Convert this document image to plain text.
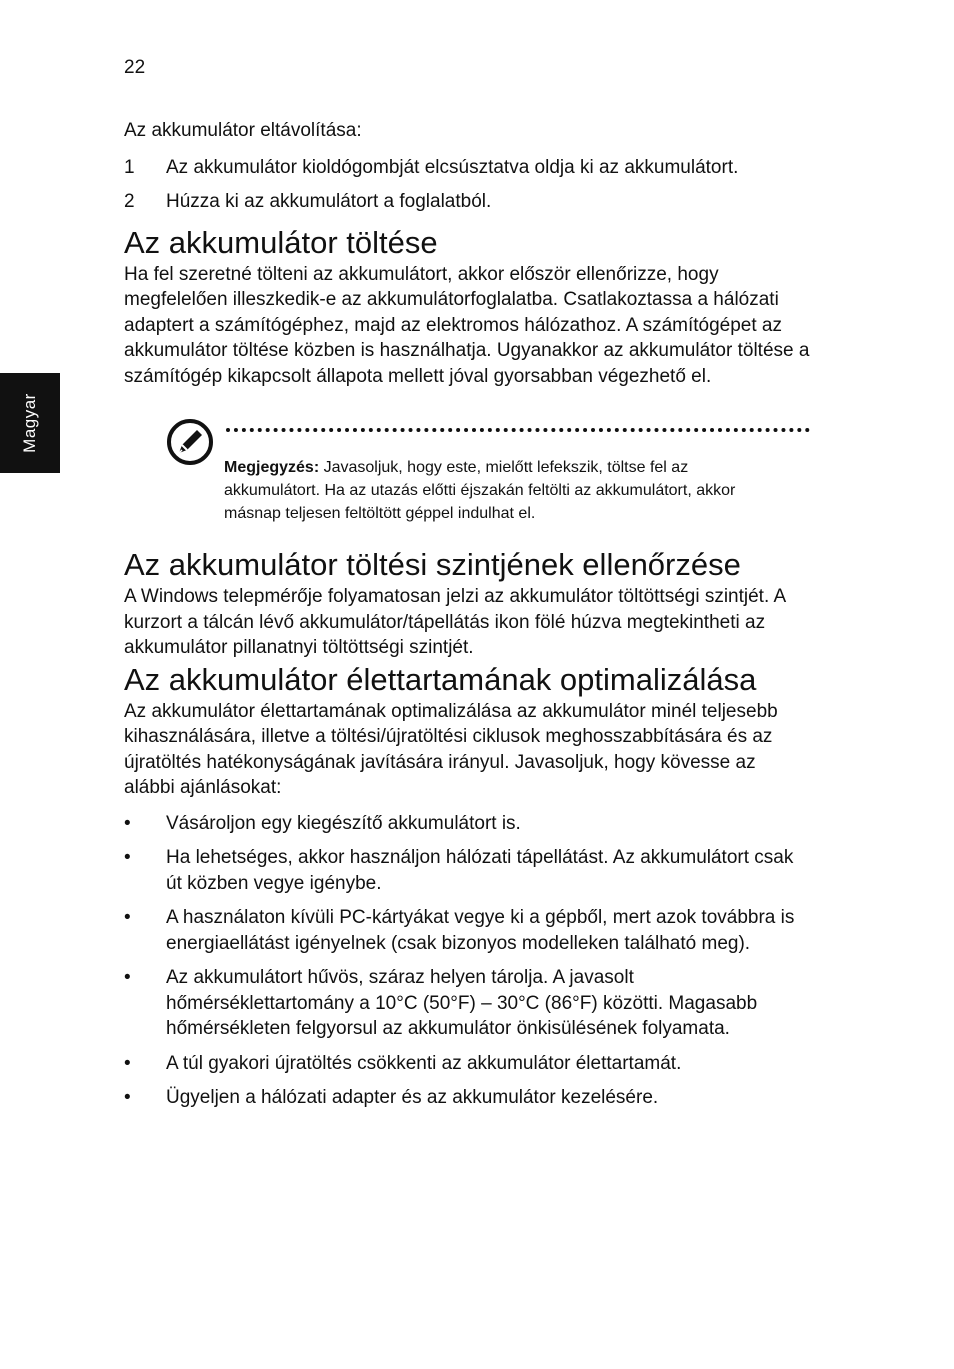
22
Magyar

Az akkumulátor eltávolítása:

1 Az akkumulátor kioldógombját elcsúsztatva oldja ki az akkumulátort.
2 Húzza ki az akkumulátort a foglalatból.
Az akkumulátor töltése

Ha fel szeretné tölteni az akkumulátort, akkor először ellenőrizze, hogy megfelelően illeszkedik-e az akkumulátorfoglalatba. Csatlakoztassa a hálózati adaptert a számítógéphez, majd az elektromos hálózathoz. A számítógépet az akkumulátor töltése közben is használhatja. Ugyanakkor az akkumulátor töltése a számítógép kikapcsolt állapota mellett jóval gyorsabban végezhető el.

Megjegyzés: Javasoljuk, hogy este, mielőtt lefekszik, töltse fel az akkumulátort. Ha az utazás előtti éjszakán feltölti az akkumulátort, akkor másnap teljesen feltöltött géppel indulhat el.

Az akkumulátor töltési szintjének ellenőrzése

A Windows telepmérője folyamatosan jelzi az akkumulátor töltöttségi szintjét. A kurzort a tálcán lévő akkumulátor/tápellátás ikon fölé húzva megtekintheti az akkumulátor pillanatnyi töltöttségi szintjét.

Az akkumulátor élettartamának optimalizálása

Az akkumulátor élettartamának optimalizálása az akkumulátor minél teljesebb kihasználására, illetve a töltési/újratöltési ciklusok meghosszabbítására és az újratöltés hatékonyságának javítására irányul. Javasoljuk, hogy kövesse az alábbi ajánlásokat:

• Vásároljon egy kiegészítő akkumulátort is.
• Ha lehetséges, akkor használjon hálózati tápellátást. Az akkumulátort csak út közben vegye igénybe.
• A használaton kívüli PC-kártyákat vegye ki a gépből, mert azok továbbra is energiaellátást igényelnek (csak bizonyos modelleken található meg).
• Az akkumulátort hűvös, száraz helyen tárolja. A javasolt hőmérséklettartomány a 10°C (50°F) – 30°C (86°F) közötti. Magasabb hőmérsékleten felgyorsul az akkumulátor önkisülésének folyamata.
• A túl gyakori újratöltés csökkenti az akkumulátor élettartamát.
• Ügyeljen a hálózati adapter és az akkumulátor kezelésére.
